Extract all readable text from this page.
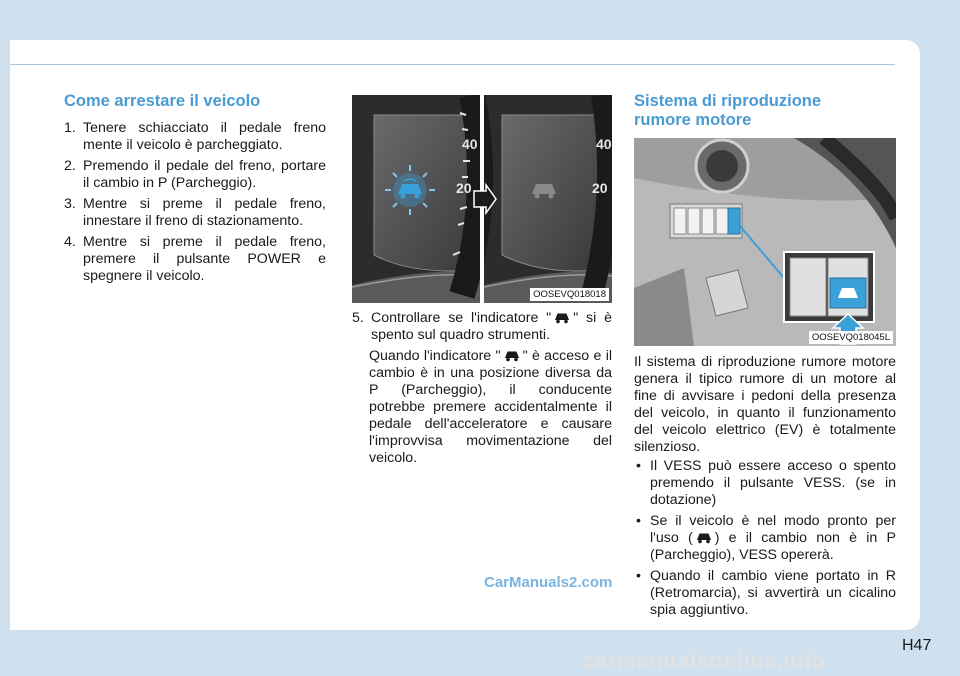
Come arrestare il veicolo
1. Tenere schiacciato il pedale freno mente il veicolo è parcheggiato.
2. Premendo il pedale del freno, portare il cambio in P (Parcheggio).
3. Mentre si preme il pedale freno, innestare il freno di stazionamento.
4. Mentre si preme il pedale freno, premere il pulsante POWER e spegnere il veicolo.
40
20
40
20
OOSEVQ018018
5. Controllare se l'indicatore " " si è spento sul quadro strumenti.
Quando l'indicatore " " è acceso e il cambio è in una posizione diversa da P (Parcheggio), il conducente potrebbe premere accidentalmente il pedale dell'acceleratore e causare l'improvvisa movimentazione del veicolo.
Sistema di riproduzione rumore motore
OOSEVQ018045L

Il sistema di riproduzione rumore motore genera il tipico rumore di un motore al fine di avvisare i pedoni della presenza del veicolo, in quanto il funzionamento del veicolo elettrico (EV) è totalmente silenzioso.

• Il VESS può essere acceso o spento premendo il pulsante VESS. (se in dotazione)
• Se il veicolo è nel modo pronto per l'uso ( ) e il cambio non è in P (Parcheggio), VESS opererà.
• Quando il cambio viene portato in R (Retromarcia), si avvertirà un cicalino spia aggiuntivo.
CarManuals2.com
H47
carmanualsonline.info
